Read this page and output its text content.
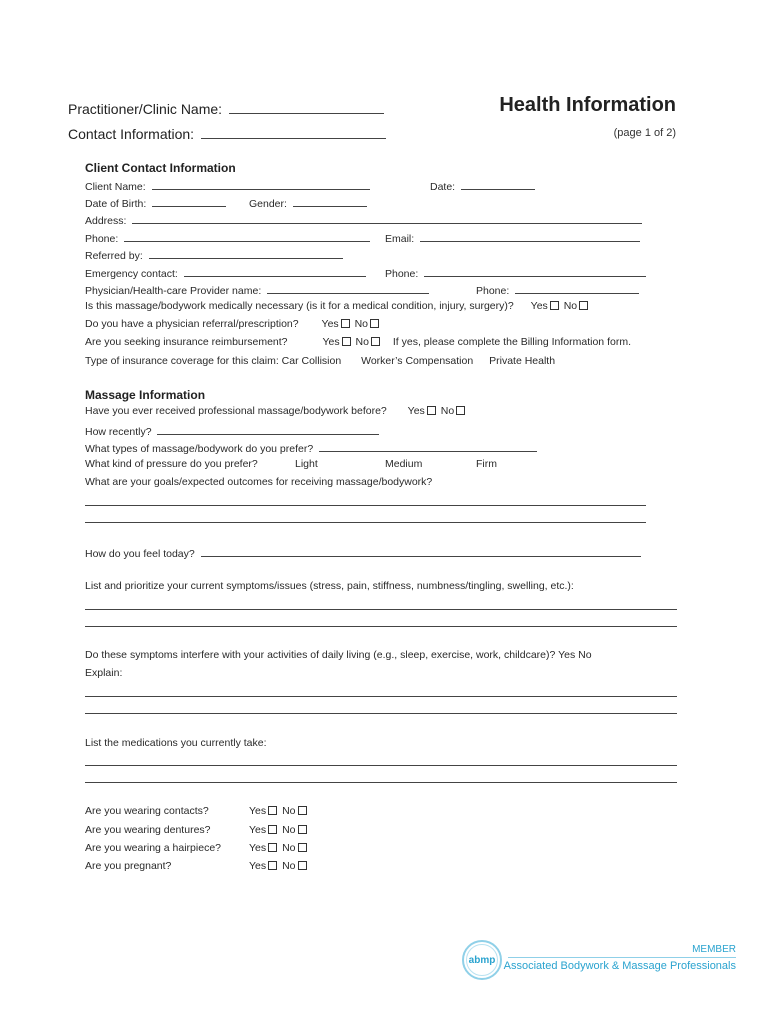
Practitioner/Clinic Name:
Contact Information:
Health Information
(page 1 of 2)
Client Contact Information
Client Name:	Date:
Date of Birth:	Gender:
Address:
Phone:	Email:
Referred by:
Emergency contact:	Phone:
Physician/Health-care Provider name:	Phone:
Is this massage/bodywork medically necessary (is it for a medical condition, injury, surgery)? Yes No
Do you have a physician referral/prescription? Yes No
Are you seeking insurance reimbursement?	Yes No If yes, please complete the Billing Information form.
Type of insurance coverage for this claim: Car Collision Worker’s Compensation Private Health
Massage Information
Have you ever received professional massage/bodywork before? Yes No
How recently?
What types of massage/bodywork do you prefer?
What kind of pressure do you prefer?	Light	Medium	Firm
What are your goals/expected outcomes for receiving massage/bodywork?
How do you feel today?
List and prioritize your current symptoms/issues (stress, pain, stiffness, numbness/tingling, swelling, etc.):
Do these symptoms interfere with your activities of daily living (e.g., sleep, exercise, work, childcare)? Yes No
Explain:
List the medications you currently take:
Are you wearing contacts?	Yes No
Are you wearing dentures?	Yes No
Are you wearing a hairpiece?	Yes No
Are you pregnant?	Yes No
abmp
MEMBER
Associated Bodywork & Massage Professionals
